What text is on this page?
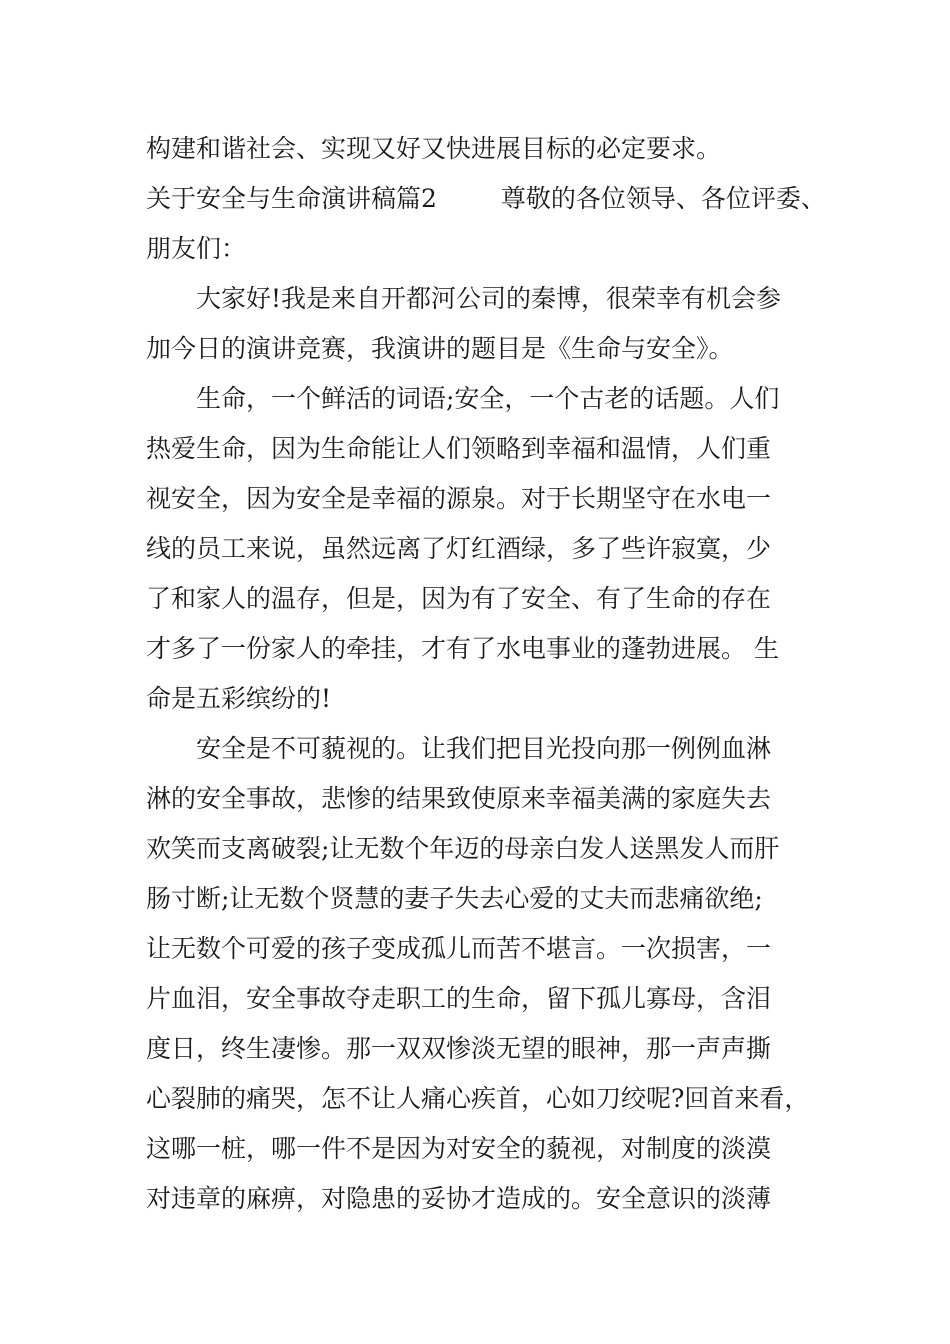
构建和谐社会、实现又好又快进展目标的必定要求。
关于安全与生命演讲稿篇2	尊敬的各位领导、各位评委、
朋友们：
大家好!我是来自开都河公司的秦博，很荣幸有机会参
加今日的演讲竞赛，我演讲的题目是《生命与安全》。
生命，一个鲜活的词语;安全，一个古老的话题。人们
热爱生命，因为生命能让人们领略到幸福和温情，人们重
视安全，因为安全是幸福的源泉。对于长期坚守在水电一
线的员工来说，虽然远离了灯红酒绿，多了些许寂寞，少
了和家人的温存，但是，因为有了安全、有了生命的存在
才多了一份家人的牵挂，才有了水电事业的蓬勃进展。 生
命是五彩缤纷的!
安全是不可藐视的。让我们把目光投向那一例例血淋
淋的安全事故，悲惨的结果致使原来幸福美满的家庭失去
欢笑而支离破裂;让无数个年迈的母亲白发人送黑发人而肝
肠寸断;让无数个贤慧的妻子失去心爱的丈夫而悲痛欲绝;
让无数个可爱的孩子变成孤儿而苦不堪言。一次损害，一
片血泪，安全事故夺走职工的生命，留下孤儿寡母，含泪
度日，终生凄惨。那一双双惨淡无望的眼神，那一声声撕
心裂肺的痛哭，怎不让人痛心疾首，心如刀绞呢?回首来看，
这哪一桩，哪一件不是因为对安全的藐视，对制度的淡漠
对违章的麻痹，对隐患的妥协才造成的。安全意识的淡薄
